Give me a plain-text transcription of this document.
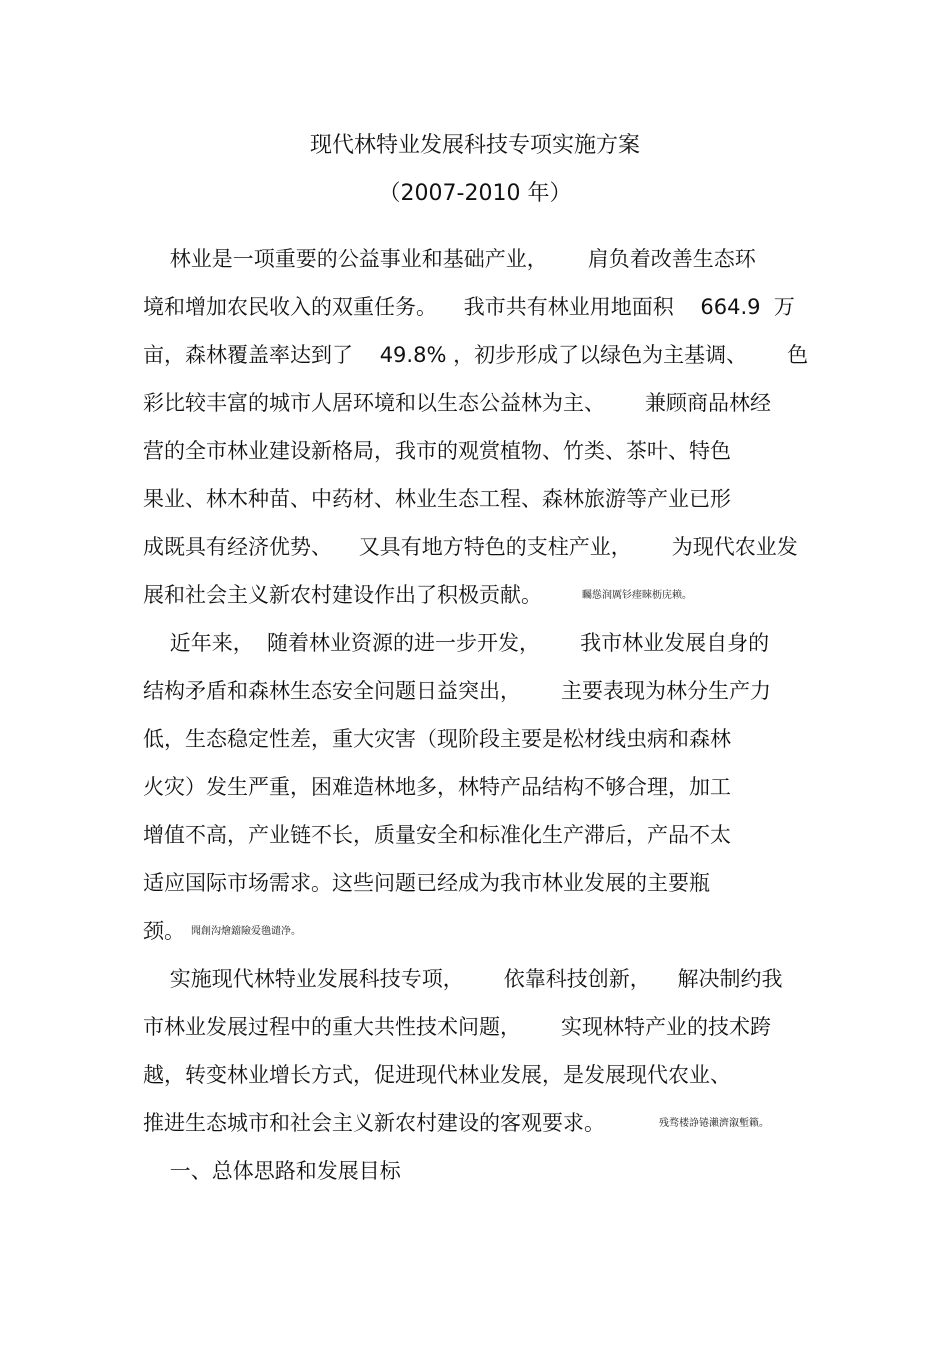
现代林特业发展科技专项实施方案
（2007-2010 年）
林业是一项重要的公益事业和基础产业，      肩负着改善生态环
境和增加农民收入的双重任务。    我市共有林业用地面积    664.9  万
亩，森林覆盖率达到了    49.8% ，初步形成了以绿色为主基调、      色
彩比较丰富的城市人居环境和以生态公益林为主、      兼顾商品林经
营的全市林业建设新格局，我市的观赏植物、竹类、茶叶、特色
果业、林木种苗、中药材、林业生态工程、森林旅游等产业已形
成既具有经济优势、    又具有地方特色的支柱产业，      为现代农业发
展和社会主义新农村建设作出了积极贡献。	矚慫润厲钐瘗睞枥庑赖。
近年来，  随着林业资源的进一步开发，      我市林业发展自身的
结构矛盾和森林生态安全问题日益突出，      主要表现为林分生产力
低，生态稳定性差，重大灾害（现阶段主要是松材线虫病和森林
火灾）发生严重，困难造林地多，林特产品结构不够合理，加工
增值不高，产业链不长，质量安全和标准化生产滞后，产品不太
适应国际市场需求。这些问题已经成为我市林业发展的主要瓶
颈。 聞創沟燴鐺險爱氇谴净。
实施现代林特业发展科技专项，      依靠科技创新，    解决制约我
市林业发展过程中的重大共性技术问题，      实现林特产业的技术跨
越，转变林业增长方式，促进现代林业发展，是发展现代农业、
推进生态城市和社会主义新农村建设的客观要求。	残骛楼諍锩瀨濟溆塹籟。
一、总体思路和发展目标
